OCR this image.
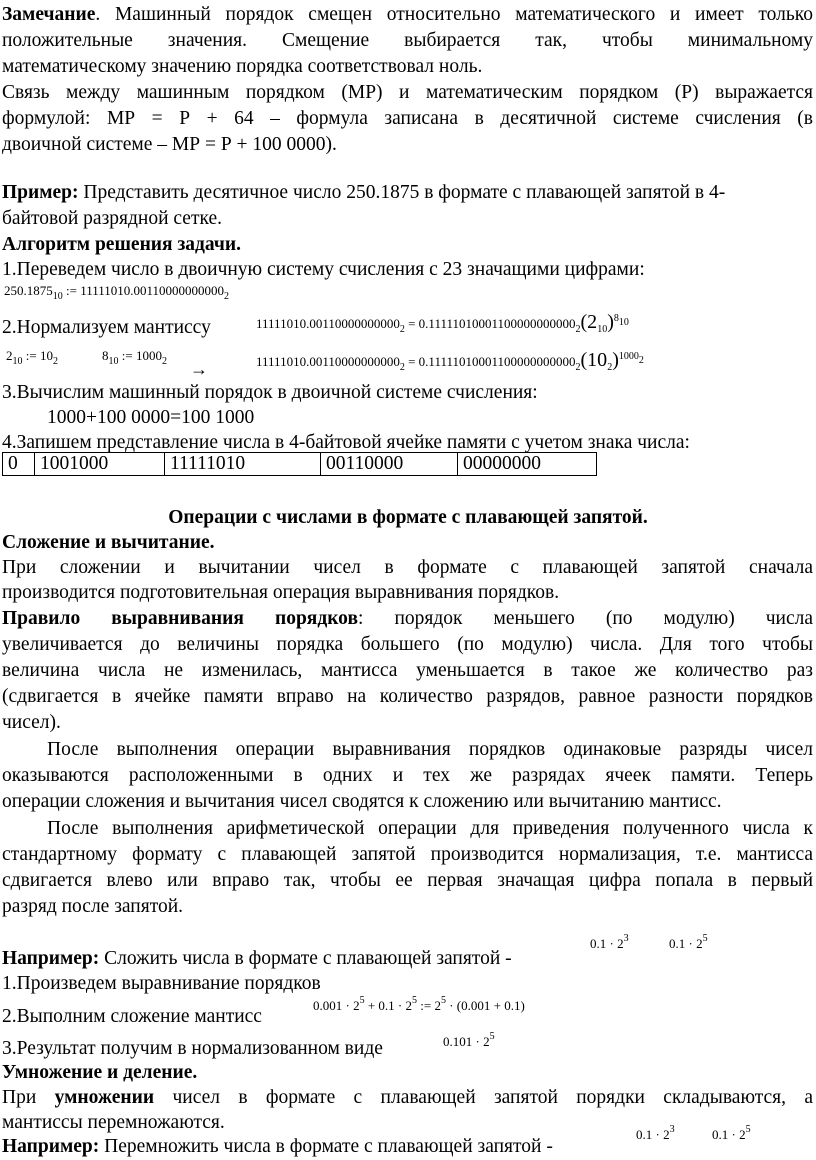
Замечание. Машинный порядок смещен относительно математического и имеет только
положительные значения. Смещение выбирается так, чтобы минимальному
математическому значению порядка соответствовал ноль.
Связь между машинным порядком (МР) и математическим порядком (Р) выражается
формулой: МР = Р + 64 – формула записана в десятичной системе счисления (в
двоичной системе – МР = Р + 100 0000).
Пример: Представить десятичное число 250.1875 в формате с плавающей запятой в 4-
байтовой разрядной сетке.
Алгоритм решения задачи.
1.Переведем число в двоичную систему счисления с 23 значащими цифрами:
$250.1875_{10}$ := $11111010.00110000000000_2$
2.Нормализуем мантиссу	$11111010.00110000000000_2 = 0.11111010001100000000000_2(2_{10})^{8_{10}}$
$2_{10}$ := $10_2$	$8_{10}$ := $1000_2$ →	$11111010.00110000000000_2 = 0.11111010001100000000000_2(10_2)^{1000_2}$
3.Вычислим машинный порядок в двоичной системе счисления:
1000+100 0000=100 1000
4.Запишем представление числа в 4-байтовой ячейке памяти с учетом знака числа:
0	1001000	11111010	00110000	00000000
Операции с числами в формате с плавающей запятой.
Сложение и вычитание.
При сложении и вычитании чисел в формате с плавающей запятой сначала
производится подготовительная операция выравнивания порядков.
Правило выравнивания порядков: порядок меньшего (по модулю) числа
увеличивается до величины порядка большего (по модулю) числа. Для того чтобы
величина числа не изменилась, мантисса уменьшается в такое же количество раз
(сдвигается в ячейке памяти вправо на количество разрядов, равное разности порядков
чисел).
После выполнения операции выравнивания порядков одинаковые разряды чисел
оказываются расположенными в одних и тех же разрядах ячеек памяти. Теперь
операции сложения и вычитания чисел сводятся к сложению или вычитанию мантисс.
После выполнения арифметической операции для приведения полученного числа к
стандартному формату с плавающей запятой производится нормализация, т.е. мантисса
сдвигается влево или вправо так, чтобы ее первая значащая цифра попала в первый
разряд после запятой.
Например: Сложить числа в формате с плавающей запятой -
$0.1 \cdot 2^3$	$0.1 \cdot 2^5$
1.Произведем выравнивание порядков
2.Выполним сложение мантисс
$0.001 \cdot 2^5 + 0.1 \cdot 2^5$ := $2^5 \cdot (0.001 + 0.1)$
3.Результат получим в нормализованном виде	$0.101 \cdot 2^5$
Умножение и деление.
При умножении чисел в формате с плавающей запятой порядки складываются, а
мантиссы перемножаются.
Например: Перемножить числа в формате с плавающей запятой -
$0.1 \cdot 2^3$	$0.1 \cdot 2^5$
